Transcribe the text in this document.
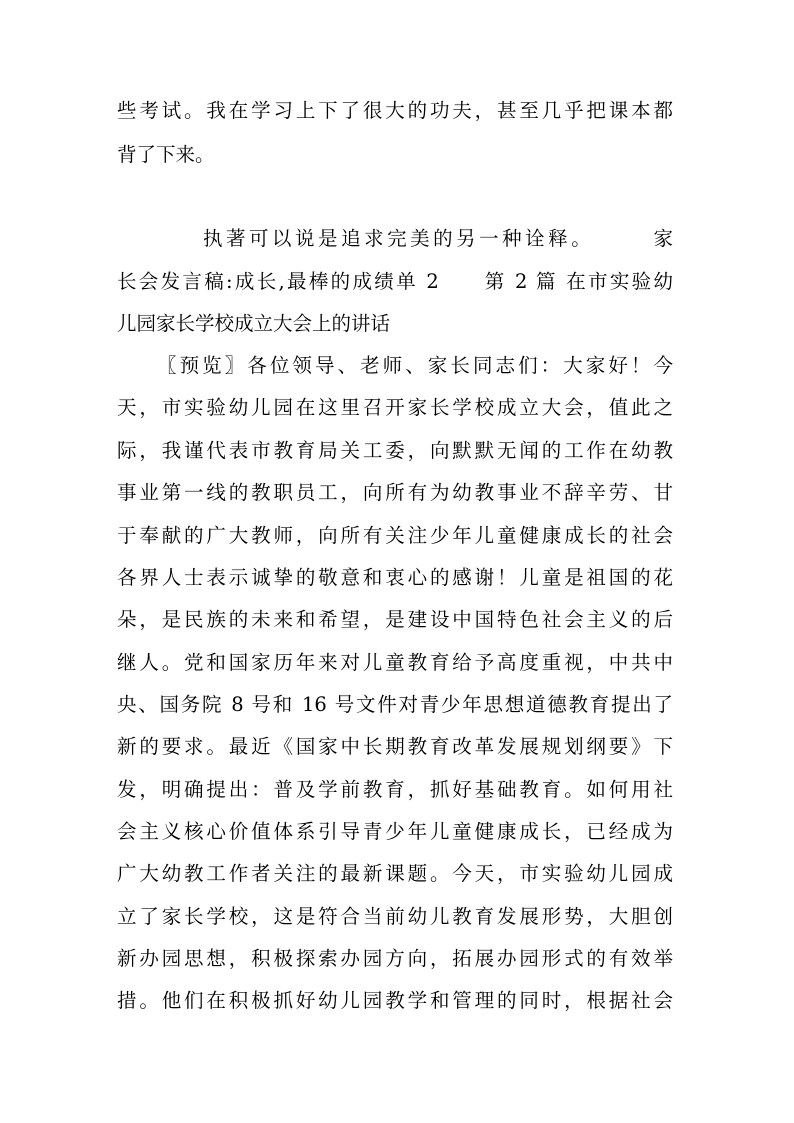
些考试。我在学习上下了很大的功夫，甚至几乎把课本都
背了下来。
执著可以说是追求完美的另一种诠释。　　　家
长会发言稿:成长,最棒的成绩单 2　　第 2 篇 在市实验幼
儿园家长学校成立大会上的讲话
〖预览〗各位领导、老师、家长同志们：大家好！今
天，市实验幼儿园在这里召开家长学校成立大会，值此之
际，我谨代表市教育局关工委，向默默无闻的工作在幼教
事业第一线的教职员工，向所有为幼教事业不辞辛劳、甘
于奉献的广大教师，向所有关注少年儿童健康成长的社会
各界人士表示诚挚的敬意和衷心的感谢！儿童是祖国的花
朵，是民族的未来和希望，是建设中国特色社会主义的后
继人。党和国家历年来对儿童教育给予高度重视，中共中
央、国务院 8 号和 16 号文件对青少年思想道德教育提出了
新的要求。最近《国家中长期教育改革发展规划纲要》下
发，明确提出：普及学前教育，抓好基础教育。如何用社
会主义核心价值体系引导青少年儿童健康成长，已经成为
广大幼教工作者关注的最新课题。今天，市实验幼儿园成
立了家长学校，这是符合当前幼儿教育发展形势，大胆创
新办园思想，积极探索办园方向，拓展办园形式的有效举
措。他们在积极抓好幼儿园教学和管理的同时，根据社会
